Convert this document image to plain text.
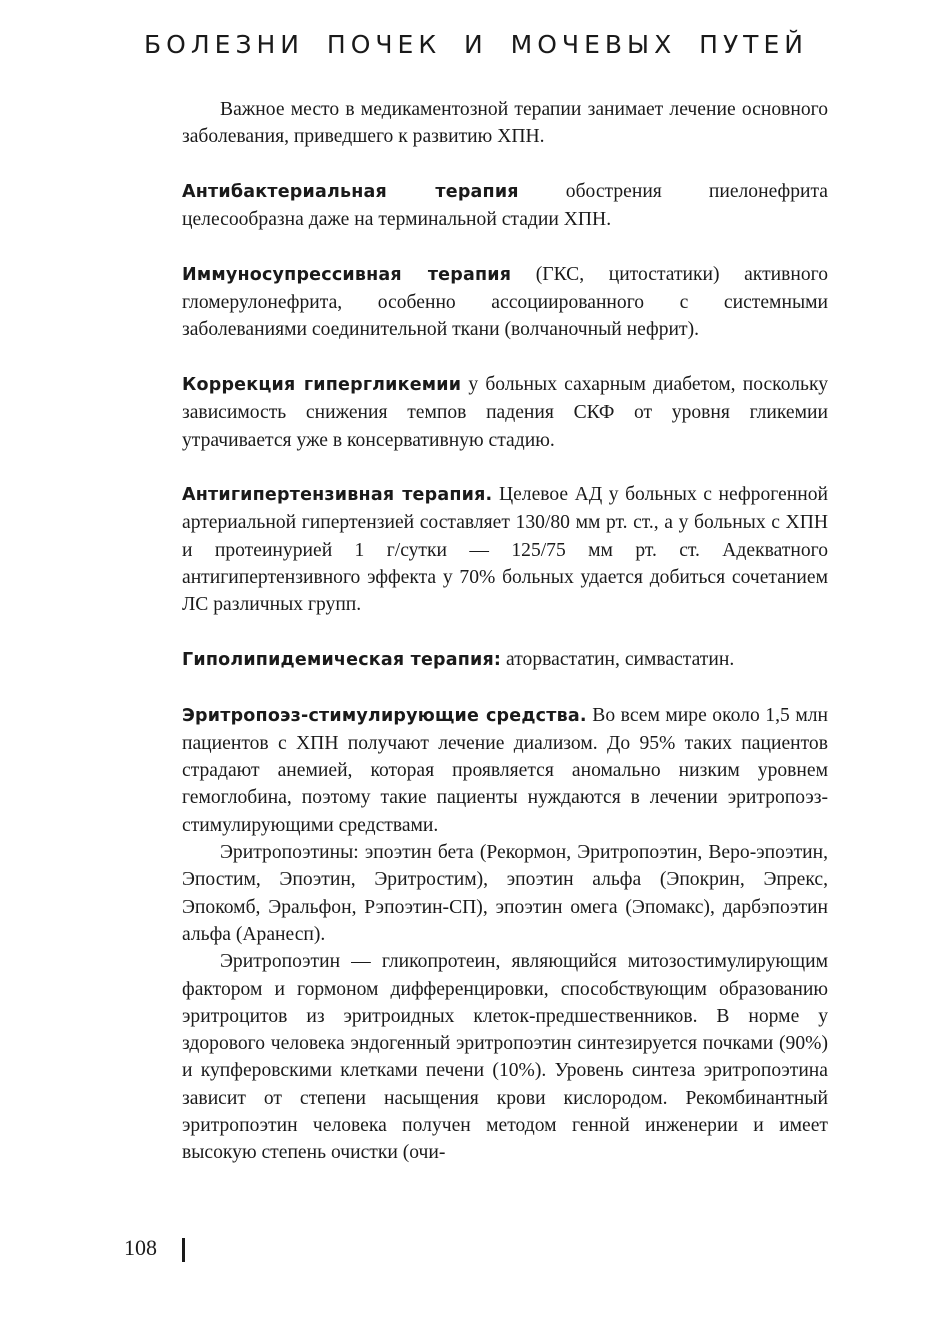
БОЛЕЗНИ ПОЧЕК И МОЧЕВЫХ ПУТЕЙ

Важное место в медикаментозной терапии занимает лечение основного заболевания, приведшего к развитию ХПН.

Антибактериальная терапия обострения пиелонефрита целесообразна даже на терминальной стадии ХПН.

Иммуносупрессивная терапия (ГКС, цитостатики) активного гломерулонефрита, особенно ассоциированного с системными заболеваниями соединительной ткани (волчаночный нефрит).

Коррекция гипергликемии у больных сахарным диабетом, поскольку зависимость снижения темпов падения СКФ от уровня гликемии утрачивается уже в консервативную стадию.

Антигипертензивная терапия. Целевое АД у больных с нефрогенной артериальной гипертензией составляет 130/80 мм рт. ст., а у больных с ХПН и протеинурией 1 г/сутки — 125/75 мм рт. ст. Адекватного антигипертензивного эффекта у 70% больных удается добиться сочетанием ЛС различных групп.

Гиполипидемическая терапия: аторвастатин, симвастатин.

Эритропоэз-стимулирующие средства. Во всем мире около 1,5 млн пациентов с ХПН получают лечение диализом. До 95% таких пациентов страдают анемией, которая проявляется аномально низким уровнем гемоглобина, поэтому такие пациенты нуждаются в лечении эритропоэз-стимулирующими средствами.

Эритропоэтины: эпоэтин бета (Рекормон, Эритропоэтин, Веро-эпоэтин, Эпостим, Эпоэтин, Эритростим), эпоэтин альфа (Эпокрин, Эпрекс, Эпокомб, Эральфон, Рэпоэтин-СП), эпоэтин омега (Эпомакс), дарбэпоэтин альфа (Аранесп).

Эритропоэтин — гликопротеин, являющийся митозостимулирующим фактором и гормоном дифференцировки, способствующим образованию эритроцитов из эритроидных клеток-предшественников. В норме у здорового человека эндогенный эритропоэтин синтезируется почками (90%) и купферовскими клетками печени (10%). Уровень синтеза эритропоэтина зависит от степени насыщения крови кислородом. Рекомбинантный эритропоэтин человека получен методом генной инженерии и имеет высокую степень очистки (очи-

108
